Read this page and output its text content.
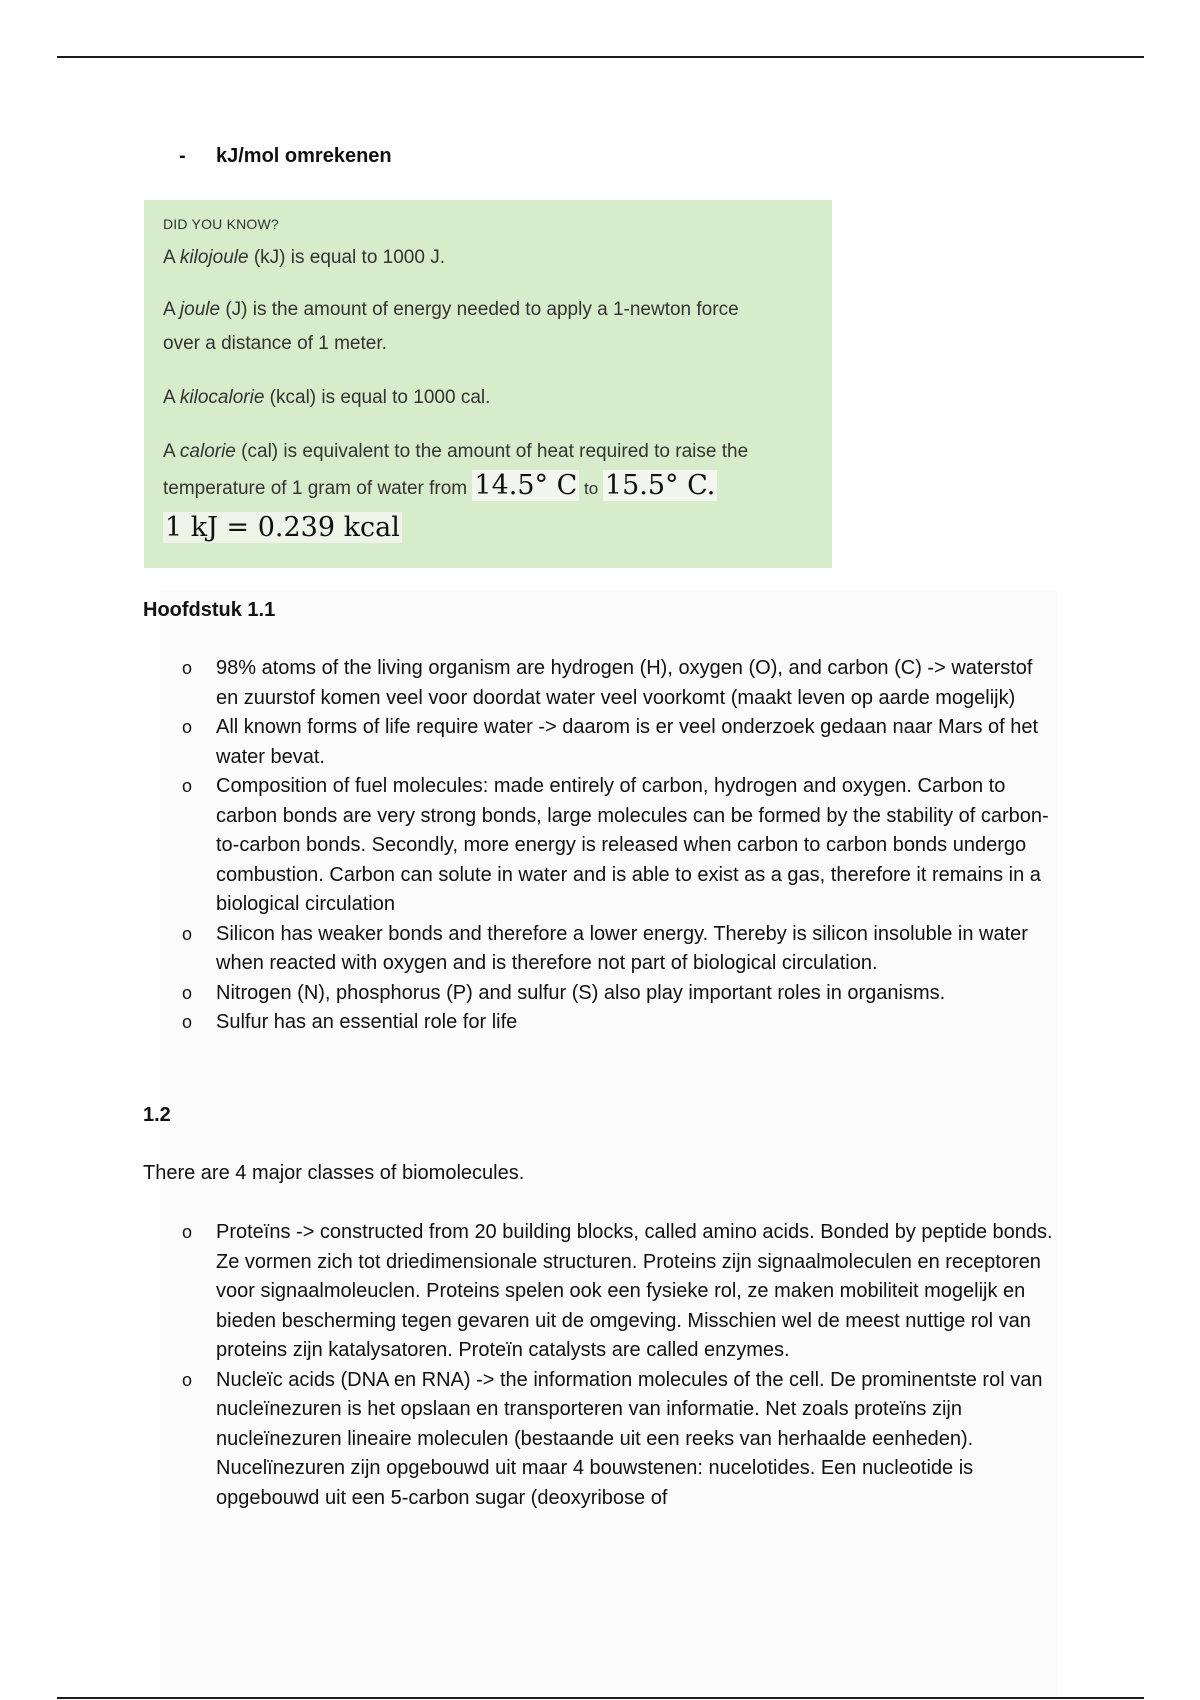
- kJ/mol omrekenen
DID YOU KNOW?

A kilojoule (kJ) is equal to 1000 J.

A joule (J) is the amount of energy needed to apply a 1-newton force
over a distance of 1 meter.

A kilocalorie (kcal) is equal to 1000 cal.

A calorie (cal) is equivalent to the amount of heat required to raise the
temperature of 1 gram of water from 14.5° C to 15.5° C.

1 kJ = 0.239 kcal
Hoofdstuk 1.1
o 98% atoms of the living organism are hydrogen (H), oxygen (O), and carbon (C) -> waterstof en zuurstof komen veel voor doordat water veel voorkomt (maakt leven op aarde mogelijk)
o All known forms of life require water -> daarom is er veel onderzoek gedaan naar Mars of het water bevat.
o Composition of fuel molecules: made entirely of carbon, hydrogen and oxygen. Carbon to carbon bonds are very strong bonds, large molecules can be formed by the stability of carbon-to-carbon bonds. Secondly, more energy is released when carbon to carbon bonds undergo combustion. Carbon can solute in water and is able to exist as a gas, therefore it remains in a biological circulation
o Silicon has weaker bonds and therefore a lower energy. Thereby is silicon insoluble in water when reacted with oxygen and is therefore not part of biological circulation.
o Nitrogen (N), phosphorus (P) and sulfur (S) also play important roles in organisms.
o Sulfur has an essential role for life
1.2
There are 4 major classes of biomolecules.
o Proteïns -> constructed from 20 building blocks, called amino acids. Bonded by peptide bonds. Ze vormen zich tot driedimensionale structuren. Proteins zijn signaalmoleculen en receptoren voor signaalmoleuclen. Proteins spelen ook een fysieke rol, ze maken mobiliteit mogelijk en bieden bescherming tegen gevaren uit de omgeving. Misschien wel de meest nuttige rol van proteins zijn katalysatoren. Proteïn catalysts are called enzymes.
o Nucleïc acids (DNA en RNA) -> the information molecules of the cell. De prominentste rol van nucleïnezuren is het opslaan en transporteren van informatie. Net zoals proteïns zijn nucleïnezuren lineaire moleculen (bestaande uit een reeks van herhaalde eenheden). Nucelïnezuren zijn opgebouwd uit maar 4 bouwstenen: nucelotides. Een nucleotide is opgebouwd uit een 5-carbon sugar (deoxyribose of
